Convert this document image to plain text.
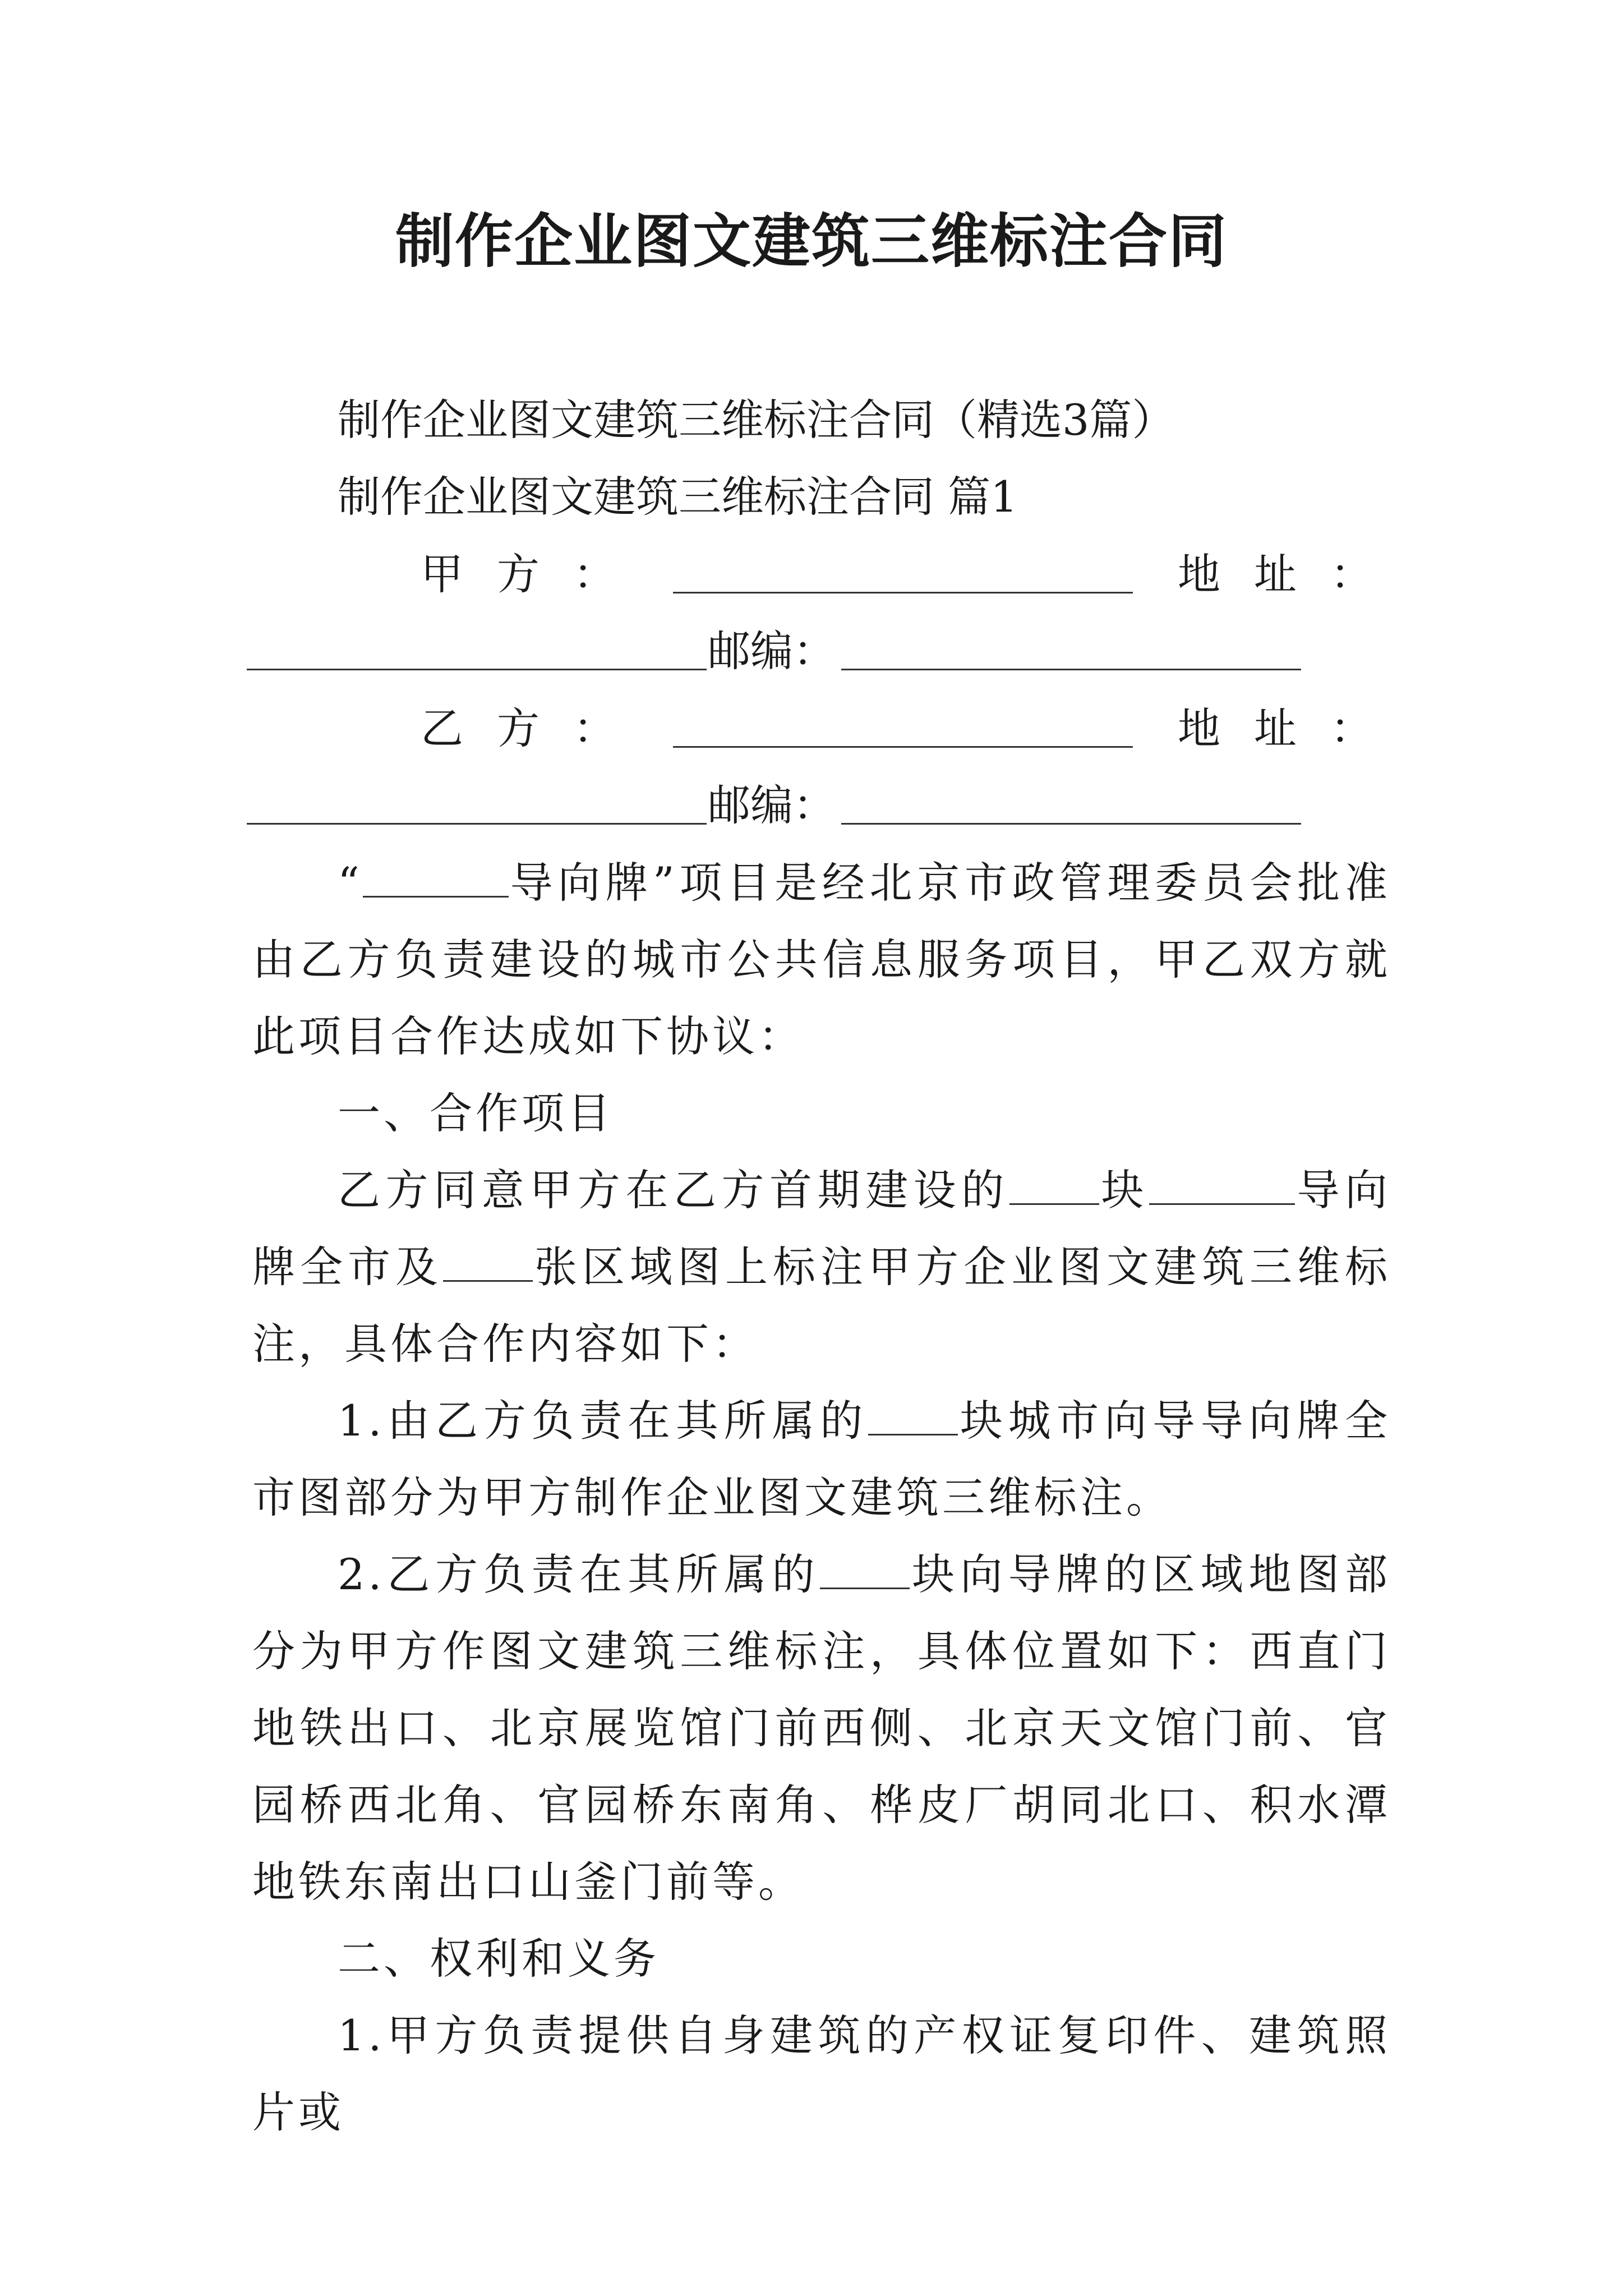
制作企业图文建筑三维标注合同
制作企业图文建筑三维标注合同（精选3篇）
制作企业图文建筑三维标注合同 篇1
甲方：	地址：
邮编：
乙方：	地址：
邮编：

“	导向牌”项目是经北京市政管理委员会批准由乙方负责建设的城市公共信息服务项目，甲乙双方就此项目合作达成如下协议：

一、合作项目

乙方同意甲方在乙方首期建设的 块	导向牌全市及 张区域图上标注甲方企业图文建筑三维标注，具体合作内容如下：

1.由乙方负责在其所属的 块城市向导导向牌全市图部分为甲方制作企业图文建筑三维标注。

2.乙方负责在其所属的 块向导牌的区域地图部分为甲方作图文建筑三维标注，具体位置如下：西直门地铁出口、北京展览馆门前西侧、北京天文馆门前、官园桥西北角、官园桥东南角、桦皮厂胡同北口、积水潭地铁东南出口山釜门前等。

二、权利和义务

1.甲方负责提供自身建筑的产权证复印件、建筑照片或
